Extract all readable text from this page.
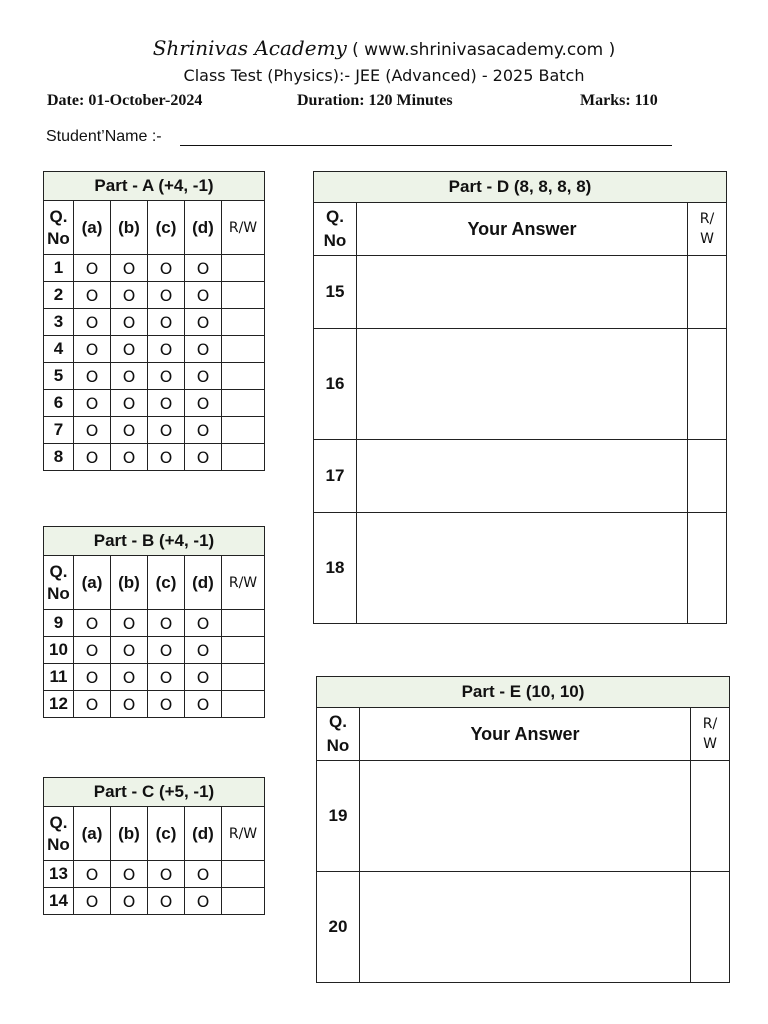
Shrinivas Academy ( www.shrinivasacademy.com )
Class Test (Physics):- JEE (Advanced) - 2025 Batch
Date: 01-October-2024	Duration: 120 Minutes	Marks: 110
Student’Name :-
Part - A (+4, -1)					
Q.
No	(a)	(b)	(c)	(d)	R/W
1	O	O	O	O	
2	O	O	O	O	
3	O	O	O	O	
4	O	O	O	O	
5	O	O	O	O	
6	O	O	O	O	
7	O	O	O	O	
8	O	O	O	O	
Part - B (+4, -1)					
Q.
No	(a)	(b)	(c)	(d)	R/W
9	O	O	O	O	
10	O	O	O	O	
11	O	O	O	O	
12	O	O	O	O	
Part - C (+5, -1)					
Q.
No	(a)	(b)	(c)	(d)	R/W
13	O	O	O	O	
14	O	O	O	O	
Part - D (8, 8, 8, 8)		
Q.
No	Your Answer	R/
W
15		
16		
17		
18		
Part - E (10, 10)		
Q.
No	Your Answer	R/
W
19		
20		
